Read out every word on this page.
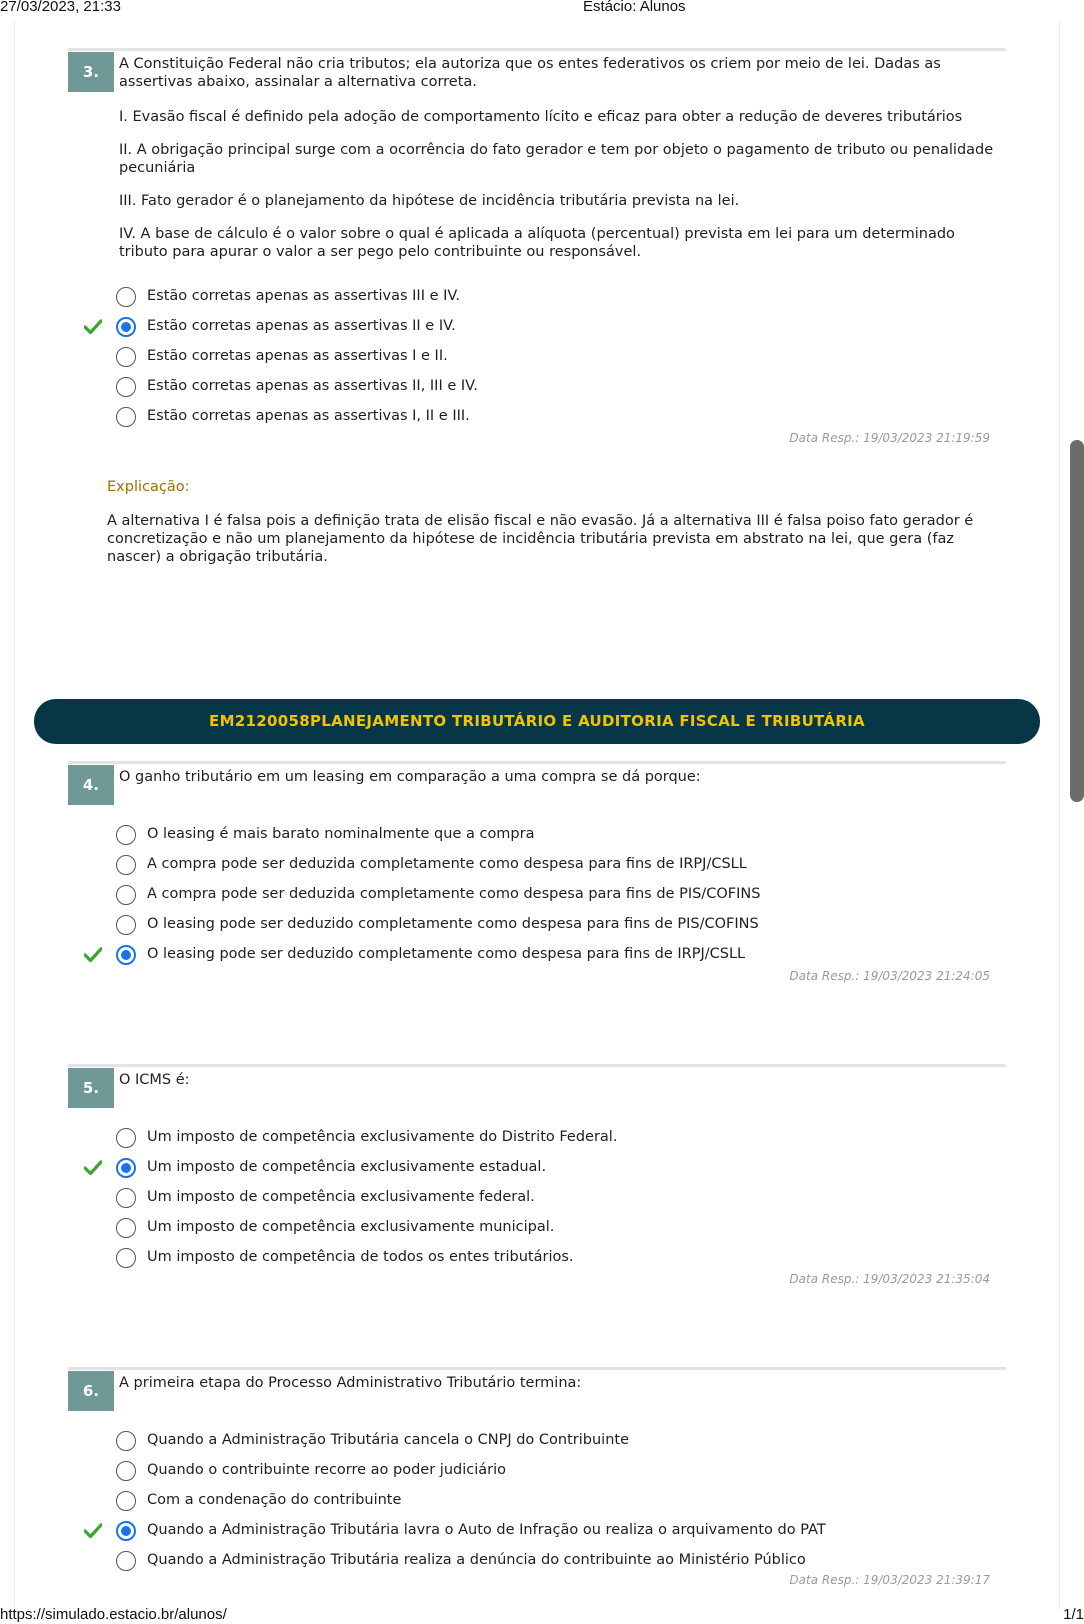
27/03/2023, 21:33	Estácio: Alunos
3.	A Constituição Federal não cria tributos; ela autoriza que os entes federativos os criem por meio de lei. Dadas as assertivas abaixo, assinalar a alternativa correta.
I. Evasão fiscal é definido pela adoção de comportamento lícito e eficaz para obter a redução de deveres tributários
II. A obrigação principal surge com a ocorrência do fato gerador e tem por objeto o pagamento de tributo ou penalidade pecuniária
III. Fato gerador é o planejamento da hipótese de incidência tributária prevista na lei.
IV. A base de cálculo é o valor sobre o qual é aplicada a alíquota (percentual) prevista em lei para um determinado tributo para apurar o valor a ser pego pelo contribuinte ou responsável.
Estão corretas apenas as assertivas III e IV.
Estão corretas apenas as assertivas II e IV.
Estão corretas apenas as assertivas I e II.
Estão corretas apenas as assertivas II, III e IV.
Estão corretas apenas as assertivas I, II e III.
Data Resp.: 19/03/2023 21:19:59
Explicação:
A alternativa I é falsa pois a definição trata de elisão fiscal e não evasão. Já a alternativa III é falsa poiso fato gerador é concretização e não um planejamento da hipótese de incidência tributária prevista em abstrato na lei, que gera (faz nascer) a obrigação tributária.
EM2120058PLANEJAMENTO TRIBUTÁRIO E AUDITORIA FISCAL E TRIBUTÁRIA
4.	O ganho tributário em um leasing em comparação a uma compra se dá porque:
O leasing é mais barato nominalmente que a compra
A compra pode ser deduzida completamente como despesa para fins de IRPJ/CSLL
A compra pode ser deduzida completamente como despesa para fins de PIS/COFINS
O leasing pode ser deduzido completamente como despesa para fins de PIS/COFINS
O leasing pode ser deduzido completamente como despesa para fins de IRPJ/CSLL
Data Resp.: 19/03/2023 21:24:05
5.	O ICMS é:
Um imposto de competência exclusivamente do Distrito Federal.
Um imposto de competência exclusivamente estadual.
Um imposto de competência exclusivamente federal.
Um imposto de competência exclusivamente municipal.
Um imposto de competência de todos os entes tributários.
Data Resp.: 19/03/2023 21:35:04
6.	A primeira etapa do Processo Administrativo Tributário termina:
Quando a Administração Tributária cancela o CNPJ do Contribuinte
Quando o contribuinte recorre ao poder judiciário
Com a condenação do contribuinte
Quando a Administração Tributária lavra o Auto de Infração ou realiza o arquivamento do PAT
Quando a Administração Tributária realiza a denúncia do contribuinte ao Ministério Público
Data Resp.: 19/03/2023 21:39:17
https://simulado.estacio.br/alunos/	1/1
